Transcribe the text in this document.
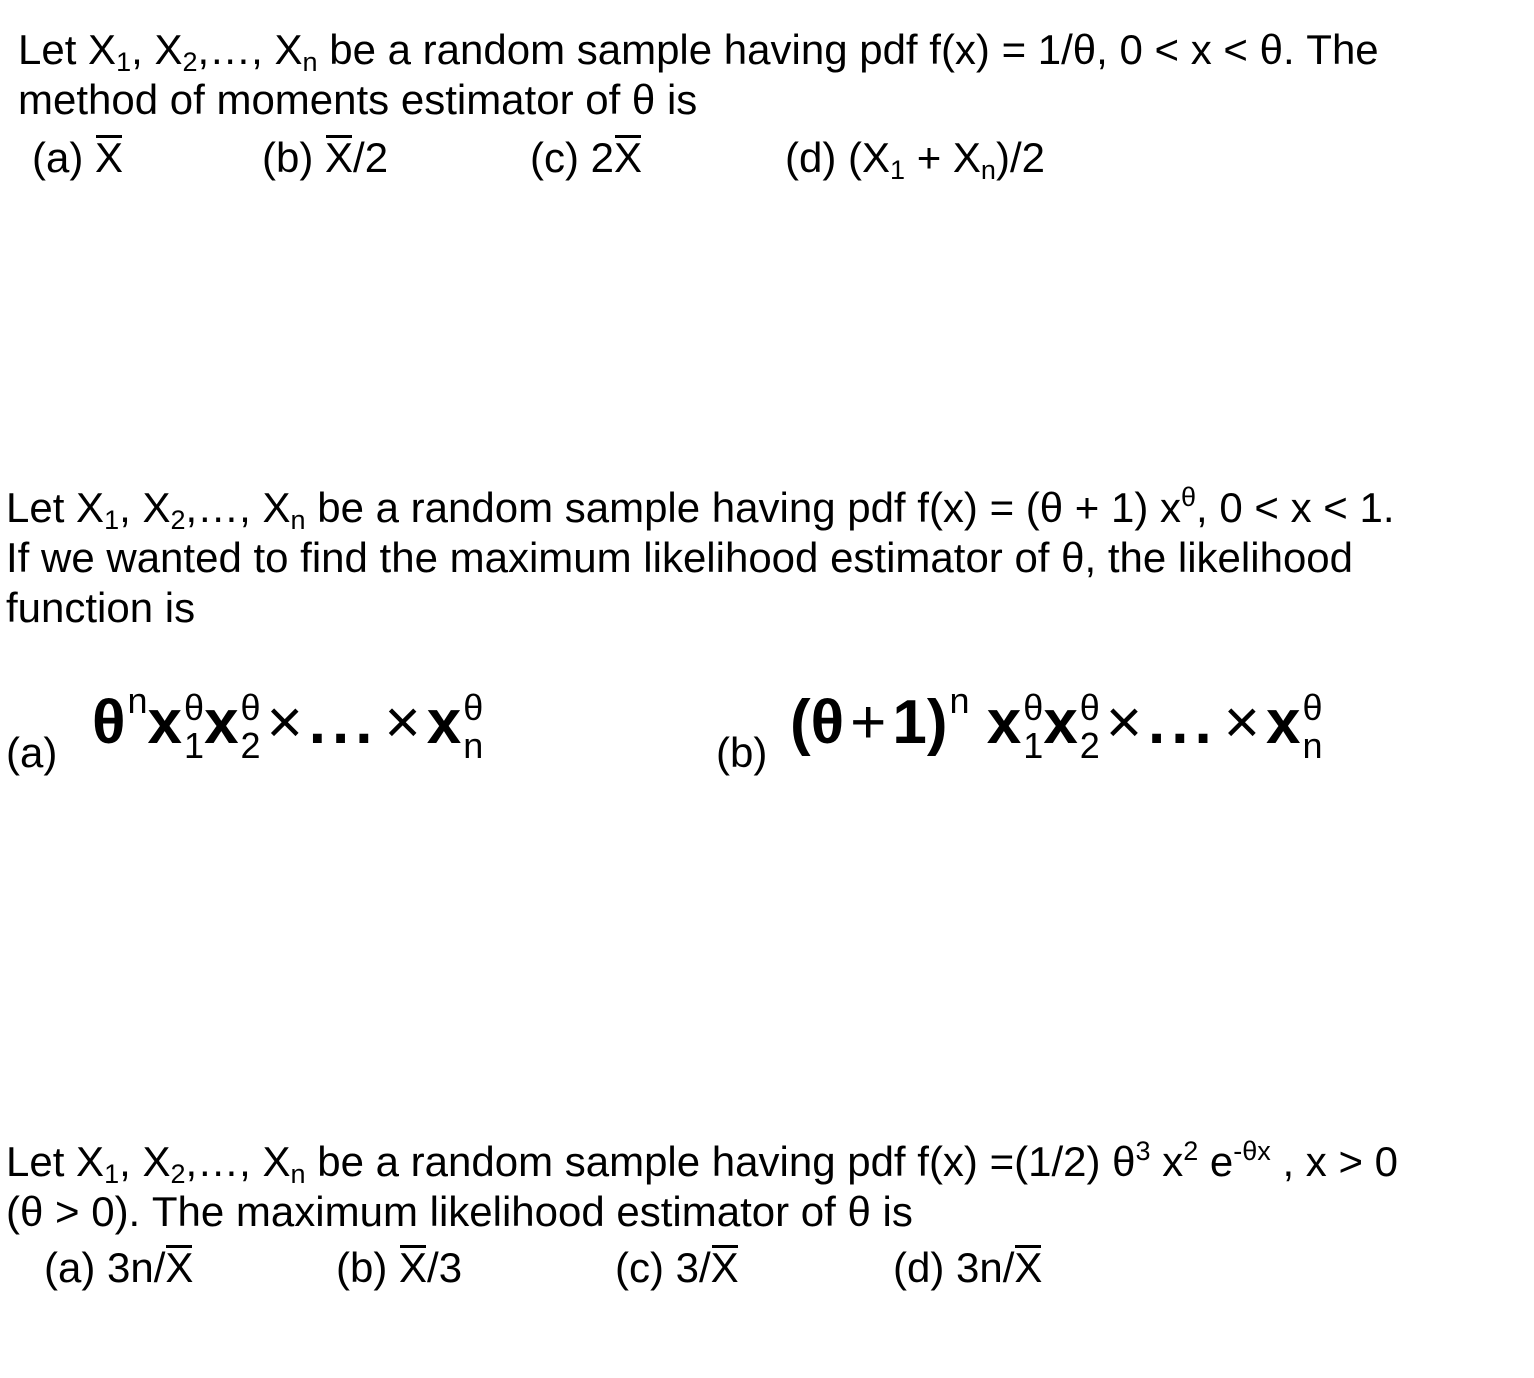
Let X1, X2,…, Xn be a random sample having pdf f(x) = 1/θ, 0 < x < θ. The

method of moments estimator of θ is

(a) X	(b) X/2	(c) 2X	(d) (X1 + Xn)/2

Let X1, X2,…, Xn be a random sample having pdf f(x) = (θ + 1) $x^\theta$, 0 < x < 1.

If we wanted to find the maximum likelihood estimator of θ, the likelihood

function is

(a) $\theta^nx$ θ
1 x θ
2 ×...×x θ
n	(b) $(\theta+1)^n$ x θ
1 x θ
2 ×...×x θ
n

Let X1, X2,…, Xn be a random sample having pdf f(x) =(1/2) $\theta^3$ $x^2$ $e^{-\theta x}$ , x > 0

(θ > 0). The maximum likelihood estimator of θ is

(a) 3n/X	(b) X/3	(c) 3/X	(d) 3n/X
